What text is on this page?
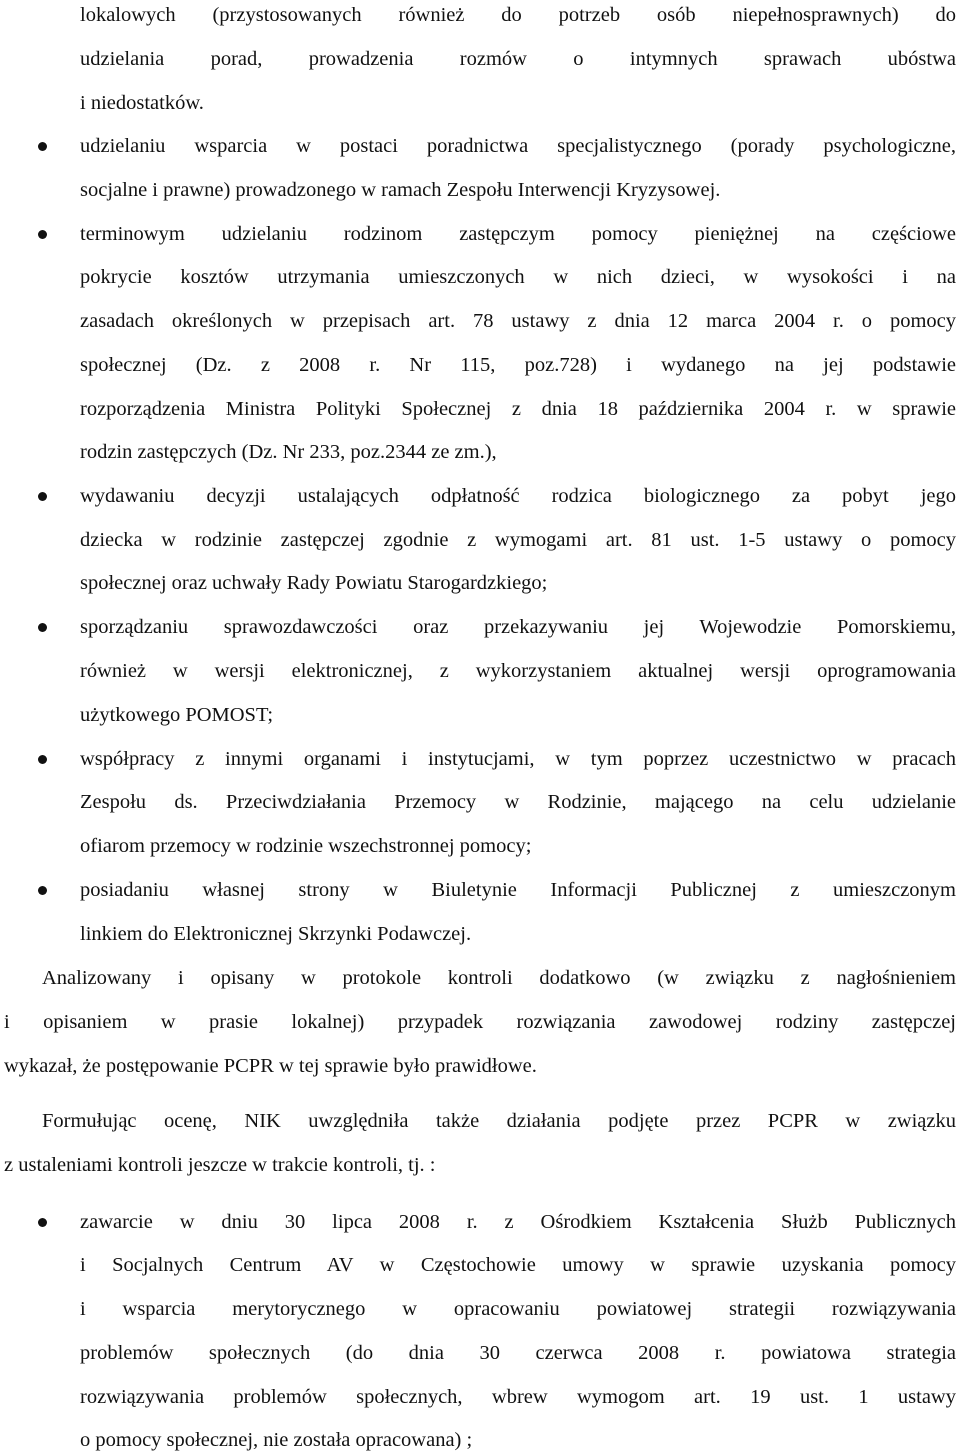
lokalowych (przystosowanych również do potrzeb osób niepełnosprawnych) do
udzielania porad, prowadzenia rozmów o intymnych sprawach ubóstwa
i niedostatków.
udzielaniu wsparcia w postaci poradnictwa specjalistycznego (porady psychologiczne,
socjalne i prawne) prowadzonego w ramach Zespołu Interwencji Kryzysowej.
terminowym udzielaniu rodzinom zastępczym pomocy pieniężnej na częściowe
pokrycie kosztów utrzymania umieszczonych w nich dzieci, w wysokości i na
zasadach określonych w przepisach art. 78 ustawy z dnia 12 marca 2004 r. o pomocy
społecznej (Dz. z 2008 r. Nr 115, poz.728) i wydanego na jej podstawie
rozporządzenia Ministra Polityki Społecznej z dnia 18 października 2004 r. w sprawie
rodzin zastępczych (Dz. Nr 233, poz.2344 ze zm.),
wydawaniu decyzji ustalających odpłatność rodzica biologicznego za pobyt jego
dziecka w rodzinie zastępczej zgodnie z wymogami art. 81 ust. 1-5 ustawy o pomocy
społecznej oraz uchwały Rady Powiatu Starogardzkiego;
sporządzaniu sprawozdawczości oraz przekazywaniu jej Wojewodzie Pomorskiemu,
również w wersji elektronicznej, z wykorzystaniem aktualnej wersji oprogramowania
użytkowego POMOST;
współpracy z innymi organami i instytucjami, w tym poprzez uczestnictwo w pracach
Zespołu ds. Przeciwdziałania Przemocy w Rodzinie, mającego na celu udzielanie
ofiarom przemocy w rodzinie wszechstronnej pomocy;
posiadaniu własnej strony w Biuletynie Informacji Publicznej z umieszczonym
linkiem do Elektronicznej Skrzynki Podawczej.
Analizowany i opisany w protokole kontroli dodatkowo (w związku z nagłośnieniem
i opisaniem w prasie lokalnej) przypadek rozwiązania zawodowej rodziny zastępczej
wykazał, że postępowanie PCPR w tej sprawie było prawidłowe.
Formułując ocenę, NIK uwzględniła także działania podjęte przez PCPR w związku
z ustaleniami kontroli jeszcze w trakcie kontroli, tj. :
zawarcie w dniu 30 lipca 2008 r. z Ośrodkiem Kształcenia Służb Publicznych
i Socjalnych Centrum AV w Częstochowie umowy w sprawie uzyskania pomocy
i wsparcia merytorycznego w opracowaniu powiatowej strategii rozwiązywania
problemów społecznych (do dnia 30 czerwca 2008 r. powiatowa strategia
rozwiązywania problemów społecznych, wbrew wymogom art. 19 ust. 1 ustawy
o pomocy społecznej, nie została opracowana) ;
